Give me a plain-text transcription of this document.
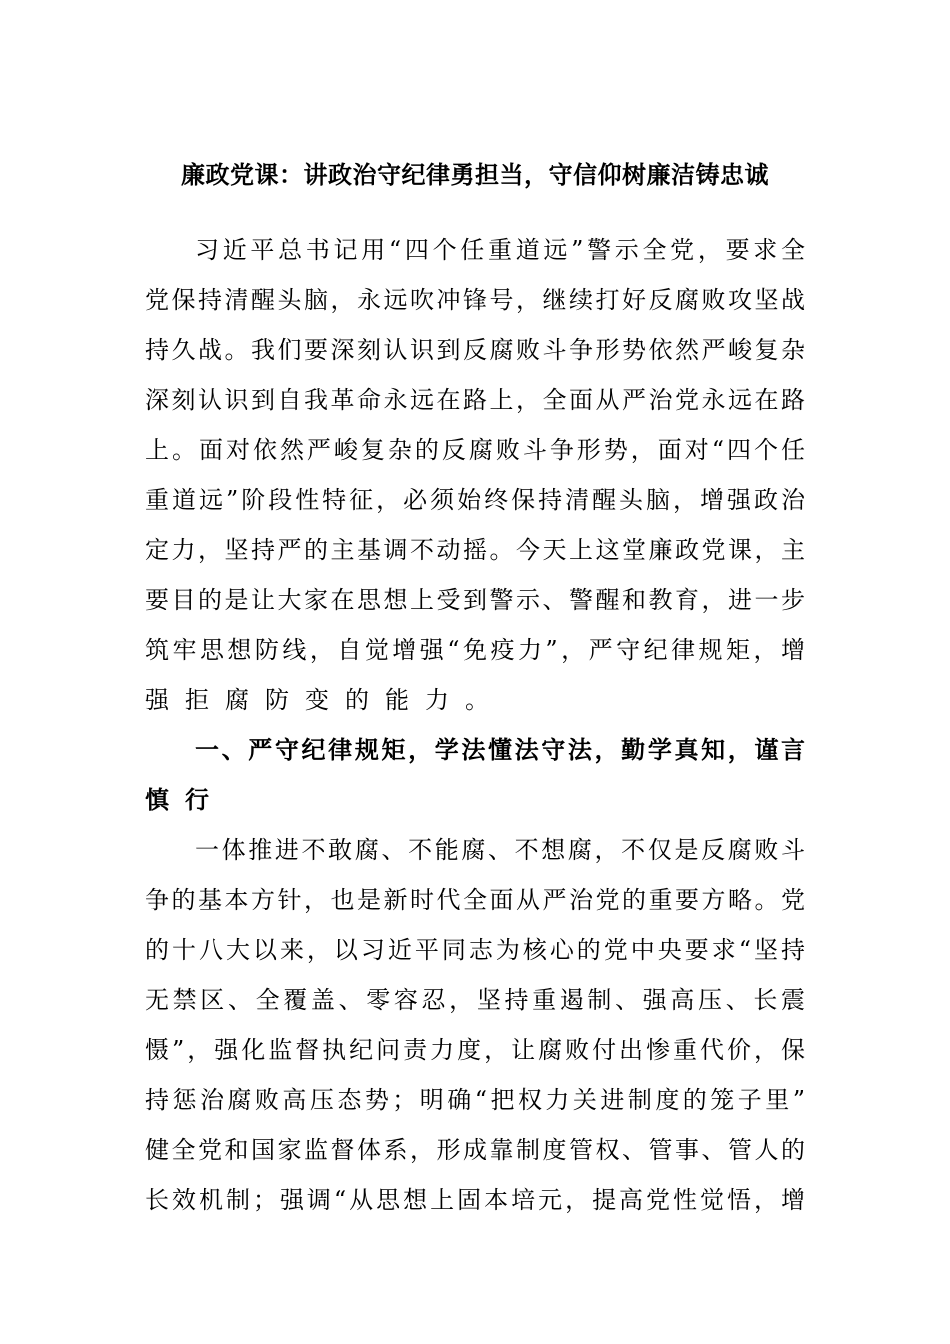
廉政党课：讲政治守纪律勇担当，守信仰树廉洁铸忠诚
习近平总书记用“四个任重道远”警示全党，要求全
党保持清醒头脑，永远吹冲锋号，继续打好反腐败攻坚战
持久战。我们要深刻认识到反腐败斗争形势依然严峻复杂
深刻认识到自我革命永远在路上，全面从严治党永远在路
上。面对依然严峻复杂的反腐败斗争形势，面对“四个任
重道远”阶段性特征，必须始终保持清醒头脑，增强政治
定力，坚持严的主基调不动摇。今天上这堂廉政党课，主
要目的是让大家在思想上受到警示、警醒和教育，进一步
筑牢思想防线，自觉增强“免疫力”，严守纪律规矩，增
强拒腐防变的能力。
一、严守纪律规矩，学法懂法守法，勤学真知，谨言
慎行
一体推进不敢腐、不能腐、不想腐，不仅是反腐败斗
争的基本方针，也是新时代全面从严治党的重要方略。党
的十八大以来，以习近平同志为核心的党中央要求“坚持
无禁区、全覆盖、零容忍，坚持重遏制、强高压、长震
慑”，强化监督执纪问责力度，让腐败付出惨重代价，保
持惩治腐败高压态势；明确“把权力关进制度的笼子里”
健全党和国家监督体系，形成靠制度管权、管事、管人的
长效机制；强调“从思想上固本培元，提高党性觉悟，增
